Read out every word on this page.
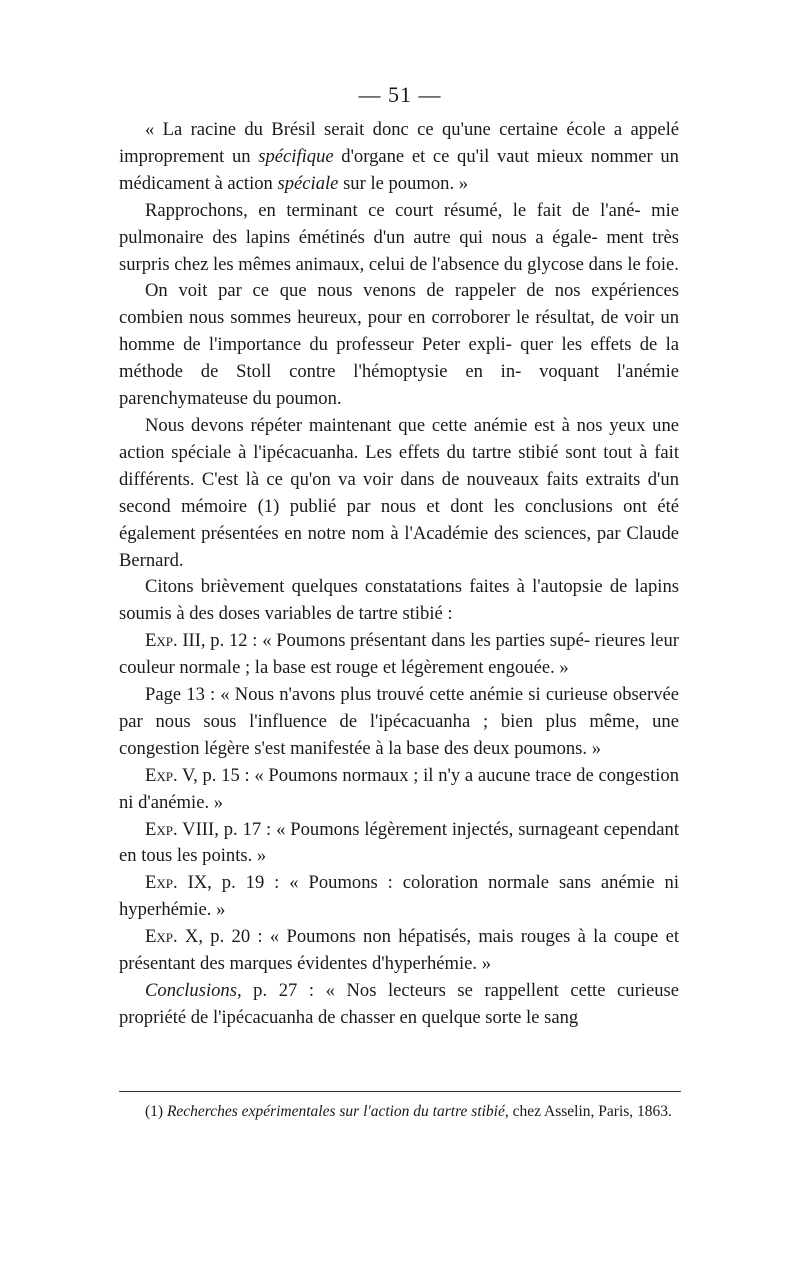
— 51 —

« La racine du Brésil serait donc ce qu'une certaine école a appelé improprement un spécifique d'organe et ce qu'il vaut mieux nommer un médicament à action spéciale sur le poumon. »

Rapprochons, en terminant ce court résumé, le fait de l'ané- mie pulmonaire des lapins émétinés d'un autre qui nous a égale- ment très surpris chez les mêmes animaux, celui de l'absence du glycose dans le foie.

On voit par ce que nous venons de rappeler de nos expériences combien nous sommes heureux, pour en corroborer le résultat, de voir un homme de l'importance du professeur Peter expli- quer les effets de la méthode de Stoll contre l'hémoptysie en in- voquant l'anémie parenchymateuse du poumon.

Nous devons répéter maintenant que cette anémie est à nos yeux une action spéciale à l'ipécacuanha. Les effets du tartre stibié sont tout à fait différents. C'est là ce qu'on va voir dans de nouveaux faits extraits d'un second mémoire (1) publié par nous et dont les conclusions ont été également présentées en notre nom à l'Académie des sciences, par Claude Bernard.

Citons brièvement quelques constatations faites à l'autopsie de lapins soumis à des doses variables de tartre stibié :

Exp. III, p. 12 : « Poumons présentant dans les parties supé- rieures leur couleur normale ; la base est rouge et légèrement engouée. »

Page 13 : « Nous n'avons plus trouvé cette anémie si curieuse observée par nous sous l'influence de l'ipécacuanha ; bien plus même, une congestion légère s'est manifestée à la base des deux poumons. »

Exp. V, p. 15 : « Poumons normaux ; il n'y a aucune trace de congestion ni d'anémie. »

Exp. VIII, p. 17 : « Poumons légèrement injectés, surnageant cependant en tous les points. »

Exp. IX, p. 19 : « Poumons : coloration normale sans anémie ni hyperhémie. »

Exp. X, p. 20 : « Poumons non hépatisés, mais rouges à la coupe et présentant des marques évidentes d'hyperhémie. »

Conclusions, p. 27 : « Nos lecteurs se rappellent cette curieuse propriété de l'ipécacuanha de chasser en quelque sorte le sang

(1) Recherches expérimentales sur l'action du tartre stibié, chez Asselin, Paris, 1863.
